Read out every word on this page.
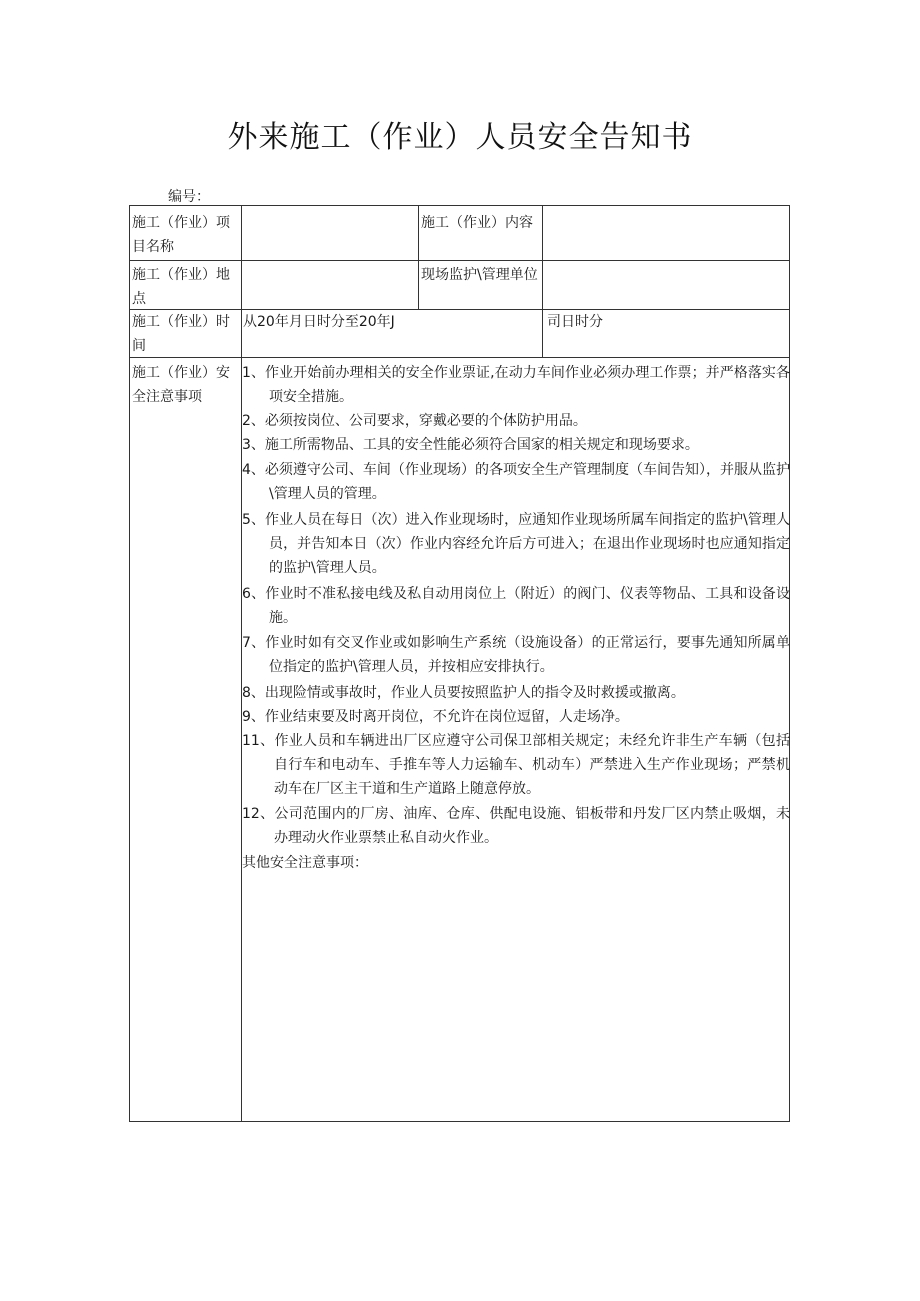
外来施工（作业）人员安全告知书
编号：
施工（作业）项目名称
施工（作业）内容
施工（作业）地点
现场监护\管理单位
施工（作业）时间
从20年月日时分至20年J	司日时分
施工（作业）安全注意事项
1、作业开始前办理相关的安全作业票证,在动力车间作业必须办理工作票；并严格落实各项安全措施。
2、必须按岗位、公司要求，穿戴必要的个体防护用品。
3、施工所需物品、工具的安全性能必须符合国家的相关规定和现场要求。
4、必须遵守公司、车间（作业现场）的各项安全生产管理制度（车间告知），并服从监护\管理人员的管理。
5、作业人员在每日（次）进入作业现场时，应通知作业现场所属车间指定的监护\管理人员，并告知本日（次）作业内容经允许后方可进入；在退出作业现场时也应通知指定的监护\管理人员。
6、作业时不准私接电线及私自动用岗位上（附近）的阀门、仪表等物品、工具和设备设施。
7、作业时如有交叉作业或如影响生产系统（设施设备）的正常运行，要事先通知所属单位指定的监护\管理人员，并按相应安排执行。
8、出现险情或事故时，作业人员要按照监护人的指令及时救援或撤离。
9、作业结束要及时离开岗位，不允许在岗位逗留，人走场净。
11、作业人员和车辆进出厂区应遵守公司保卫部相关规定；未经允许非生产车辆（包括自行车和电动车、手推车等人力运输车、机动车）严禁进入生产作业现场；严禁机动车在厂区主干道和生产道路上随意停放。
12、公司范围内的厂房、油库、仓库、供配电设施、铝板带和丹发厂区内禁止吸烟，未办理动火作业票禁止私自动火作业。
其他安全注意事项：
